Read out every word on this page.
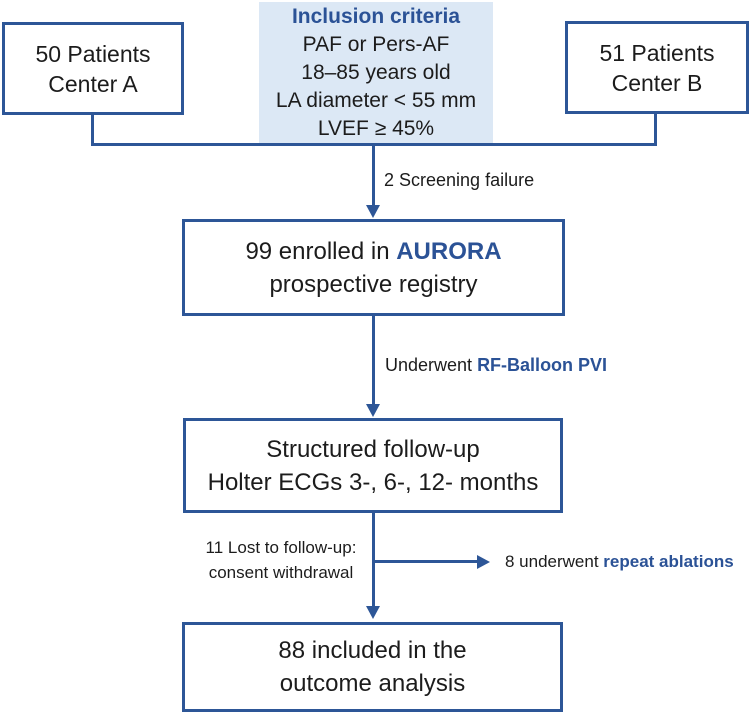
50 Patients
Center A
Inclusion criteria
PAF or Pers-AF
18–85 years old
LA diameter < 55 mm
LVEF ≥ 45%
51 Patients
Center B
2 Screening failure
99 enrolled in AURORA
prospective registry
Underwent RF-Balloon PVI
Structured follow-up
Holter ECGs 3-, 6-, 12- months
11 Lost to follow-up:
consent withdrawal
8 underwent repeat ablations
88 included in the
outcome analysis
